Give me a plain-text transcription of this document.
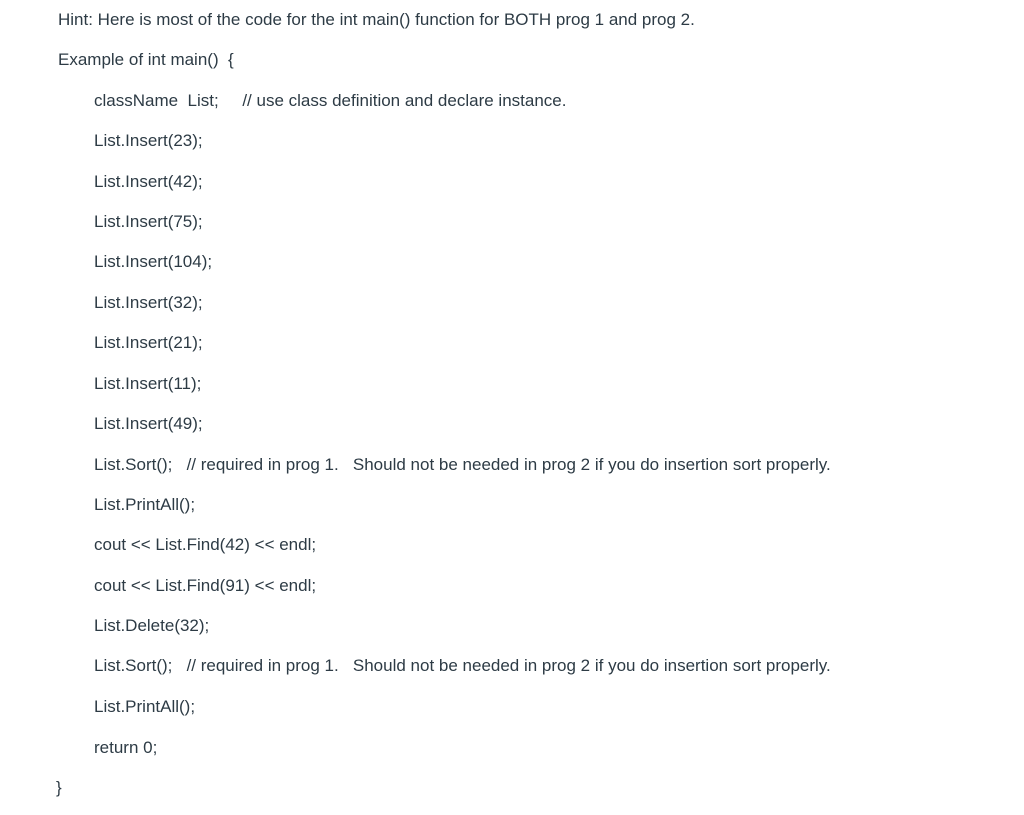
Hint: Here is most of the code for the int main() function for BOTH prog 1 and prog 2.
Example of int main()  {
className  List;     // use class definition and declare instance.
List.Insert(23);
List.Insert(42);
List.Insert(75);
List.Insert(104);
List.Insert(32);
List.Insert(21);
List.Insert(11);
List.Insert(49);
List.Sort();   // required in prog 1.   Should not be needed in prog 2 if you do insertion sort properly.
List.PrintAll();
cout << List.Find(42) << endl;
cout << List.Find(91) << endl;
List.Delete(32);
List.Sort();   // required in prog 1.   Should not be needed in prog 2 if you do insertion sort properly.
List.PrintAll();
return 0;
}
